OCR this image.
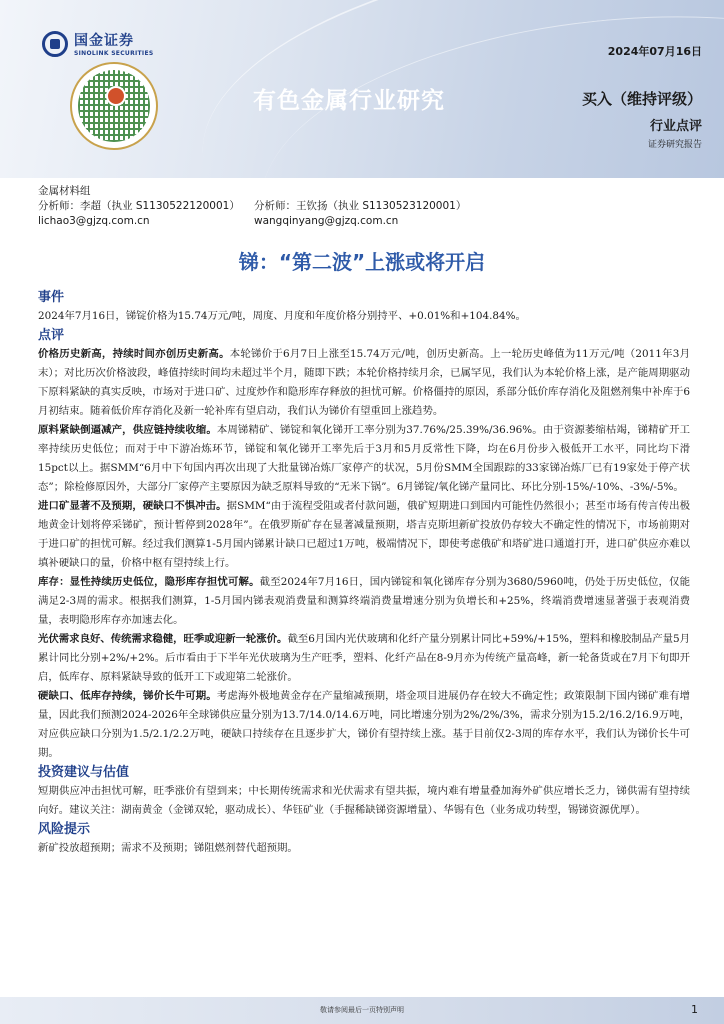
国金证券
SINOLINK SECURITIES	2024年07月16日
有色金属行业研究	买入（维持评级）
行业点评
证券研究报告
金属材料组
分析师：李超（执业 S1130522120001）	分析师：王钦扬（执业 S1130523120001）
lichao3@gjzq.com.cn	wangqinyang@gjzq.com.cn
锑：“第二波”上涨或将开启
事件
2024年7月16日，锑锭价格为15.74万元/吨，周度、月度和年度价格分别持平、+0.01%和+104.84%。
点评
价格历史新高，持续时间亦创历史新高。本轮锑价于6月7日上涨至15.74万元/吨，创历史新高。上一轮历史峰值为11万元/吨（2011年3月末）；对比历次价格波段，峰值持续时间均未超过半个月，随即下跌；本轮价格持续月余，已属罕见，我们认为本轮价格上涨，是产能周期驱动下原料紧缺的真实反映，市场对于进口矿、过度炒作和隐形库存释放的担忧可解。价格僵持的原因，系部分低价库存消化及阻燃剂集中补库于6月初结束。随着低价库存消化及新一轮补库有望启动，我们认为锑价有望重回上涨趋势。
原料紧缺倒逼减产，供应链持续收缩。本周锑精矿、锑锭和氧化锑开工率分别为37.76%/25.39%/36.96%。由于资源萎缩枯竭，锑精矿开工率持续历史低位；而对于中下游冶炼环节，锑锭和氧化锑开工率先后于3月和5月反常性下降，均在6月份步入极低开工水平，同比均下滑15pct以上。据SMM“6月中下旬国内再次出现了大批量锑冶炼厂家停产的状况，5月份SMM全国跟踪的33家锑冶炼厂已有19家处于停产状态”；除检修原因外，大部分厂家停产主要原因为缺乏原料导致的“无米下锅”。6月锑锭/氧化锑产量同比、环比分别-15%/-10%、-3%/-5%。
进口矿显著不及预期，硬缺口不惧冲击。据SMM“由于流程受阻或者付款问题，俄矿短期进口到国内可能性仍然很小；甚至市场有传言传出极地黄金计划将停采锑矿，预计暂停到2028年”。在俄罗斯矿存在显著减量预期，塔吉克斯坦新矿投放仍存较大不确定性的情况下，市场前期对于进口矿的担忧可解。经过我们测算1-5月国内锑累计缺口已超过1万吨，极端情况下，即使考虑俄矿和塔矿进口通道打开，进口矿供应亦难以填补硬缺口的量，价格中枢有望持续上行。
库存：显性持续历史低位，隐形库存担忧可解。截至2024年7月16日，国内锑锭和氧化锑库存分别为3680/5960吨，仍处于历史低位，仅能满足2-3周的需求。根据我们测算，1-5月国内锑表观消费量和测算终端消费量增速分别为负增长和+25%，终端消费增速显著强于表观消费量，表明隐形库存亦加速去化。
光伏需求良好、传统需求稳健，旺季或迎新一轮涨价。截至6月国内光伏玻璃和化纤产量分别累计同比+59%/+15%，塑料和橡胶制品产量5月累计同比分别+2%/+2%。后市看由于下半年光伏玻璃为生产旺季，塑料、化纤产品在8-9月亦为传统产量高峰，新一轮备货或在7月下旬即开启，低库存、原料紧缺导致的低开工下或迎第二轮涨价。
硬缺口、低库存持续，锑价长牛可期。考虑海外极地黄金存在产量缩减预期，塔金项目进展仍存在较大不确定性；政策限制下国内锑矿难有增量，因此我们预测2024-2026年全球锑供应量分别为13.7/14.0/14.6万吨，同比增速分别为2%/2%/3%，需求分别为15.2/16.2/16.9万吨，对应供应缺口分别为1.5/2.1/2.2万吨，硬缺口持续存在且逐步扩大，锑价有望持续上涨。基于目前仅2-3周的库存水平，我们认为锑价长牛可期。
投资建议与估值
短期供应冲击担忧可解，旺季涨价有望到来；中长期传统需求和光伏需求有望共振，境内难有增量叠加海外矿供应增长乏力，锑供需有望持续向好。建议关注：湖南黄金（金锑双轮，驱动成长）、华钰矿业（手握稀缺锑资源增量）、华锡有色（业务成功转型，锡锑资源优厚）。
风险提示
新矿投放超预期；需求不及预期；锑阻燃剂替代超预期。
敬请参阅最后一页特别声明	1
